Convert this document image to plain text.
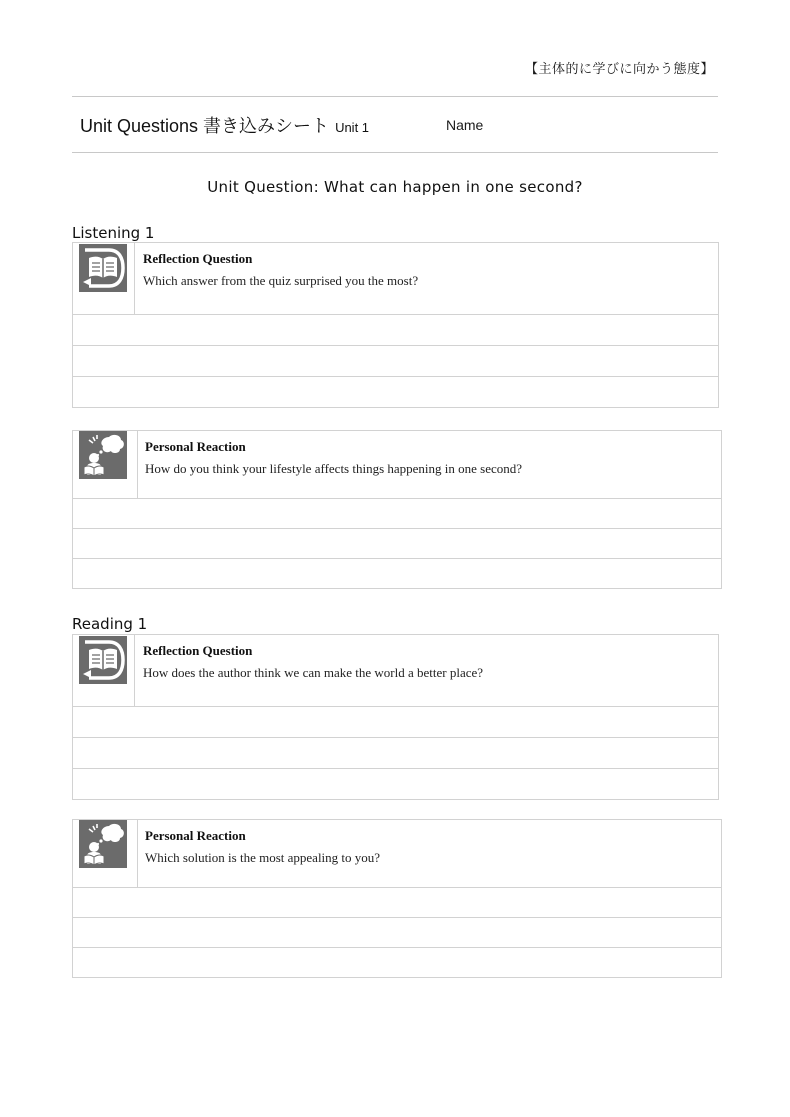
【主体的に学びに向かう態度】
Unit Questions 書き込みシート Unit 1	Name
Unit Question: What can happen in one second?
Listening 1
Reflection Question
Which answer from the quiz surprised you the most?
Personal Reaction
How do you think your lifestyle affects things happening in one second?
Reading 1
Reflection Question
How does the author think we can make the world a better place?
Personal Reaction
Which solution is the most appealing to you?
